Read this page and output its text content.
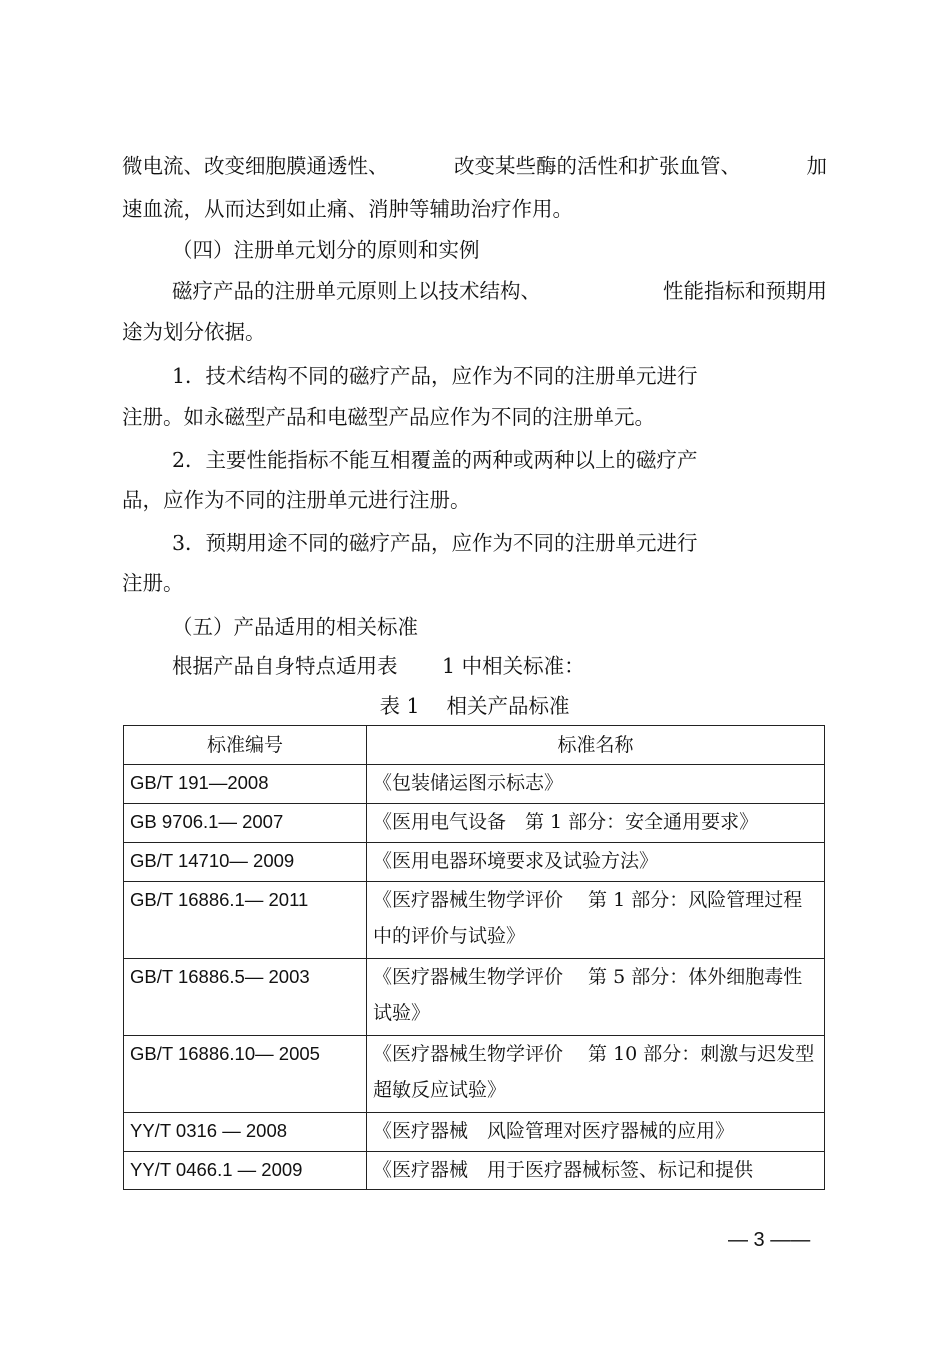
微电流、改变细胞膜通透性、	改变某些酶的活性和扩张血管、	加
速血流，从而达到如止痛、消肿等辅助治疗作用。
（四）注册单元划分的原则和实例
磁疗产品的注册单元原则上以技术结构、	性能指标和预期用
途为划分依据。
1．技术结构不同的磁疗产品，应作为不同的注册单元进行
注册。如永磁型产品和电磁型产品应作为不同的注册单元。
2．主要性能指标不能互相覆盖的两种或两种以上的磁疗产
品，应作为不同的注册单元进行注册。
3．预期用途不同的磁疗产品，应作为不同的注册单元进行
注册。
（五）产品适用的相关标准
根据产品自身特点适用表 1 中相关标准：
表 1　 相关产品标准
标准编号	标准名称
GB/T 191—2008	《包装储运图示标志》
GB 9706.1— 2007	《医用电气设备　第 1 部分：安全通用要求》
GB/T 14710— 2009	《医用电器环境要求及试验方法》
GB/T 16886.1— 2011	《医疗器械生物学评价　 第 1 部分：风险管理过程中的评价与试验》
GB/T 16886.5— 2003	《医疗器械生物学评价　 第 5 部分：体外细胞毒性试验》
GB/T 16886.10— 2005	《医疗器械生物学评价　 第 10 部分：刺激与迟发型超敏反应试验》
YY/T 0316 — 2008	《医疗器械　风险管理对医疗器械的应用》
YY/T 0466.1 — 2009	《医疗器械　用于医疗器械标签、标记和提供
— 3 ——
